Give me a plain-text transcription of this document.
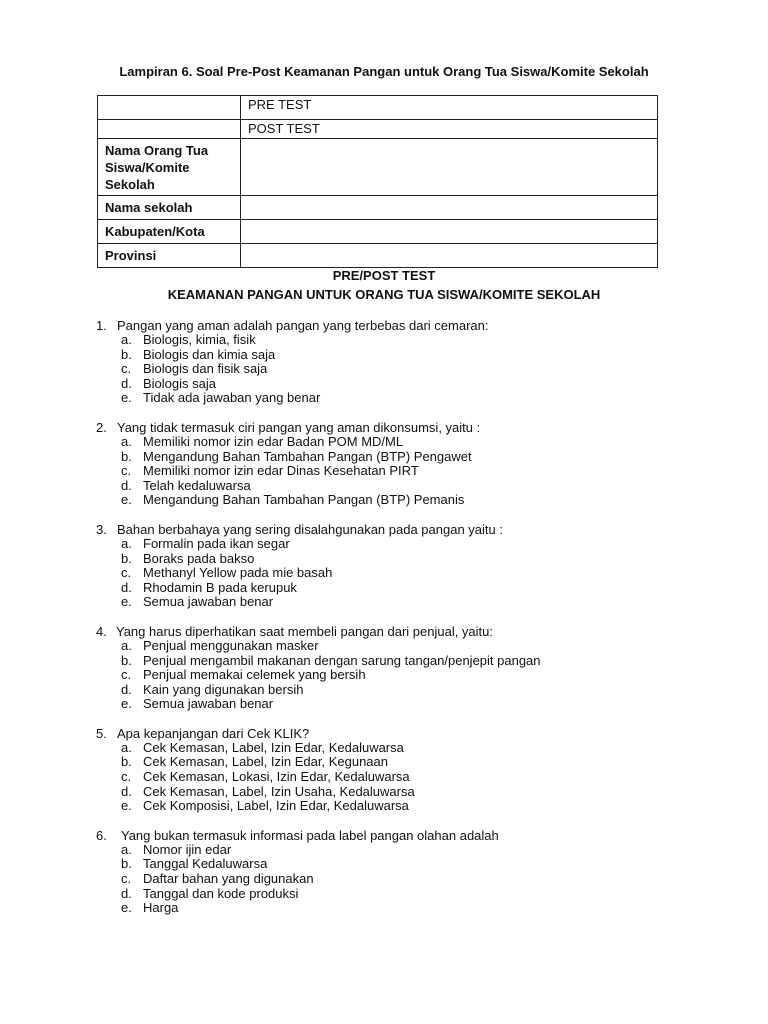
Lampiran 6. Soal Pre-Post Keamanan Pangan untuk Orang Tua Siswa/Komite Sekolah
	PRE TEST
	POST TEST
Nama Orang Tua Siswa/Komite Sekolah	
Nama sekolah	
Kabupaten/Kota	
Provinsi	
PRE/POST TEST
KEAMANAN PANGAN UNTUK ORANG TUA SISWA/KOMITE SEKOLAH
1. Pangan yang aman adalah pangan yang terbebas dari cemaran:
a. Biologis, kimia, fisik
b. Biologis dan kimia saja
c. Biologis dan fisik saja
d. Biologis saja
e. Tidak ada jawaban yang benar
2. Yang tidak termasuk ciri pangan yang aman dikonsumsi, yaitu :
a. Memiliki nomor izin edar Badan POM MD/ML
b. Mengandung Bahan Tambahan Pangan (BTP) Pengawet
c. Memiliki nomor izin edar Dinas Kesehatan PIRT
d. Telah kedaluwarsa
e. Mengandung Bahan Tambahan Pangan (BTP) Pemanis
3. Bahan berbahaya yang sering disalahgunakan pada pangan yaitu :
a. Formalin pada ikan segar
b. Boraks pada bakso
c. Methanyl Yellow pada mie basah
d. Rhodamin B pada kerupuk
e. Semua jawaban benar
4. Yang harus diperhatikan saat membeli pangan dari penjual, yaitu:
a. Penjual menggunakan masker
b. Penjual mengambil makanan dengan sarung tangan/penjepit pangan
c. Penjual memakai celemek yang bersih
d. Kain yang digunakan bersih
e. Semua jawaban benar
5. Apa kepanjangan dari Cek KLIK?
a. Cek Kemasan, Label, Izin Edar, Kedaluwarsa
b. Cek Kemasan, Label, Izin Edar, Kegunaan
c. Cek Kemasan, Lokasi, Izin Edar, Kedaluwarsa
d. Cek Kemasan, Label, Izin Usaha, Kedaluwarsa
e. Cek Komposisi, Label, Izin Edar, Kedaluwarsa
6.	Yang bukan termasuk informasi pada label pangan olahan adalah
a. Nomor ijin edar
b. Tanggal Kedaluwarsa
c. Daftar bahan yang digunakan
d. Tanggal dan kode produksi
e. Harga
